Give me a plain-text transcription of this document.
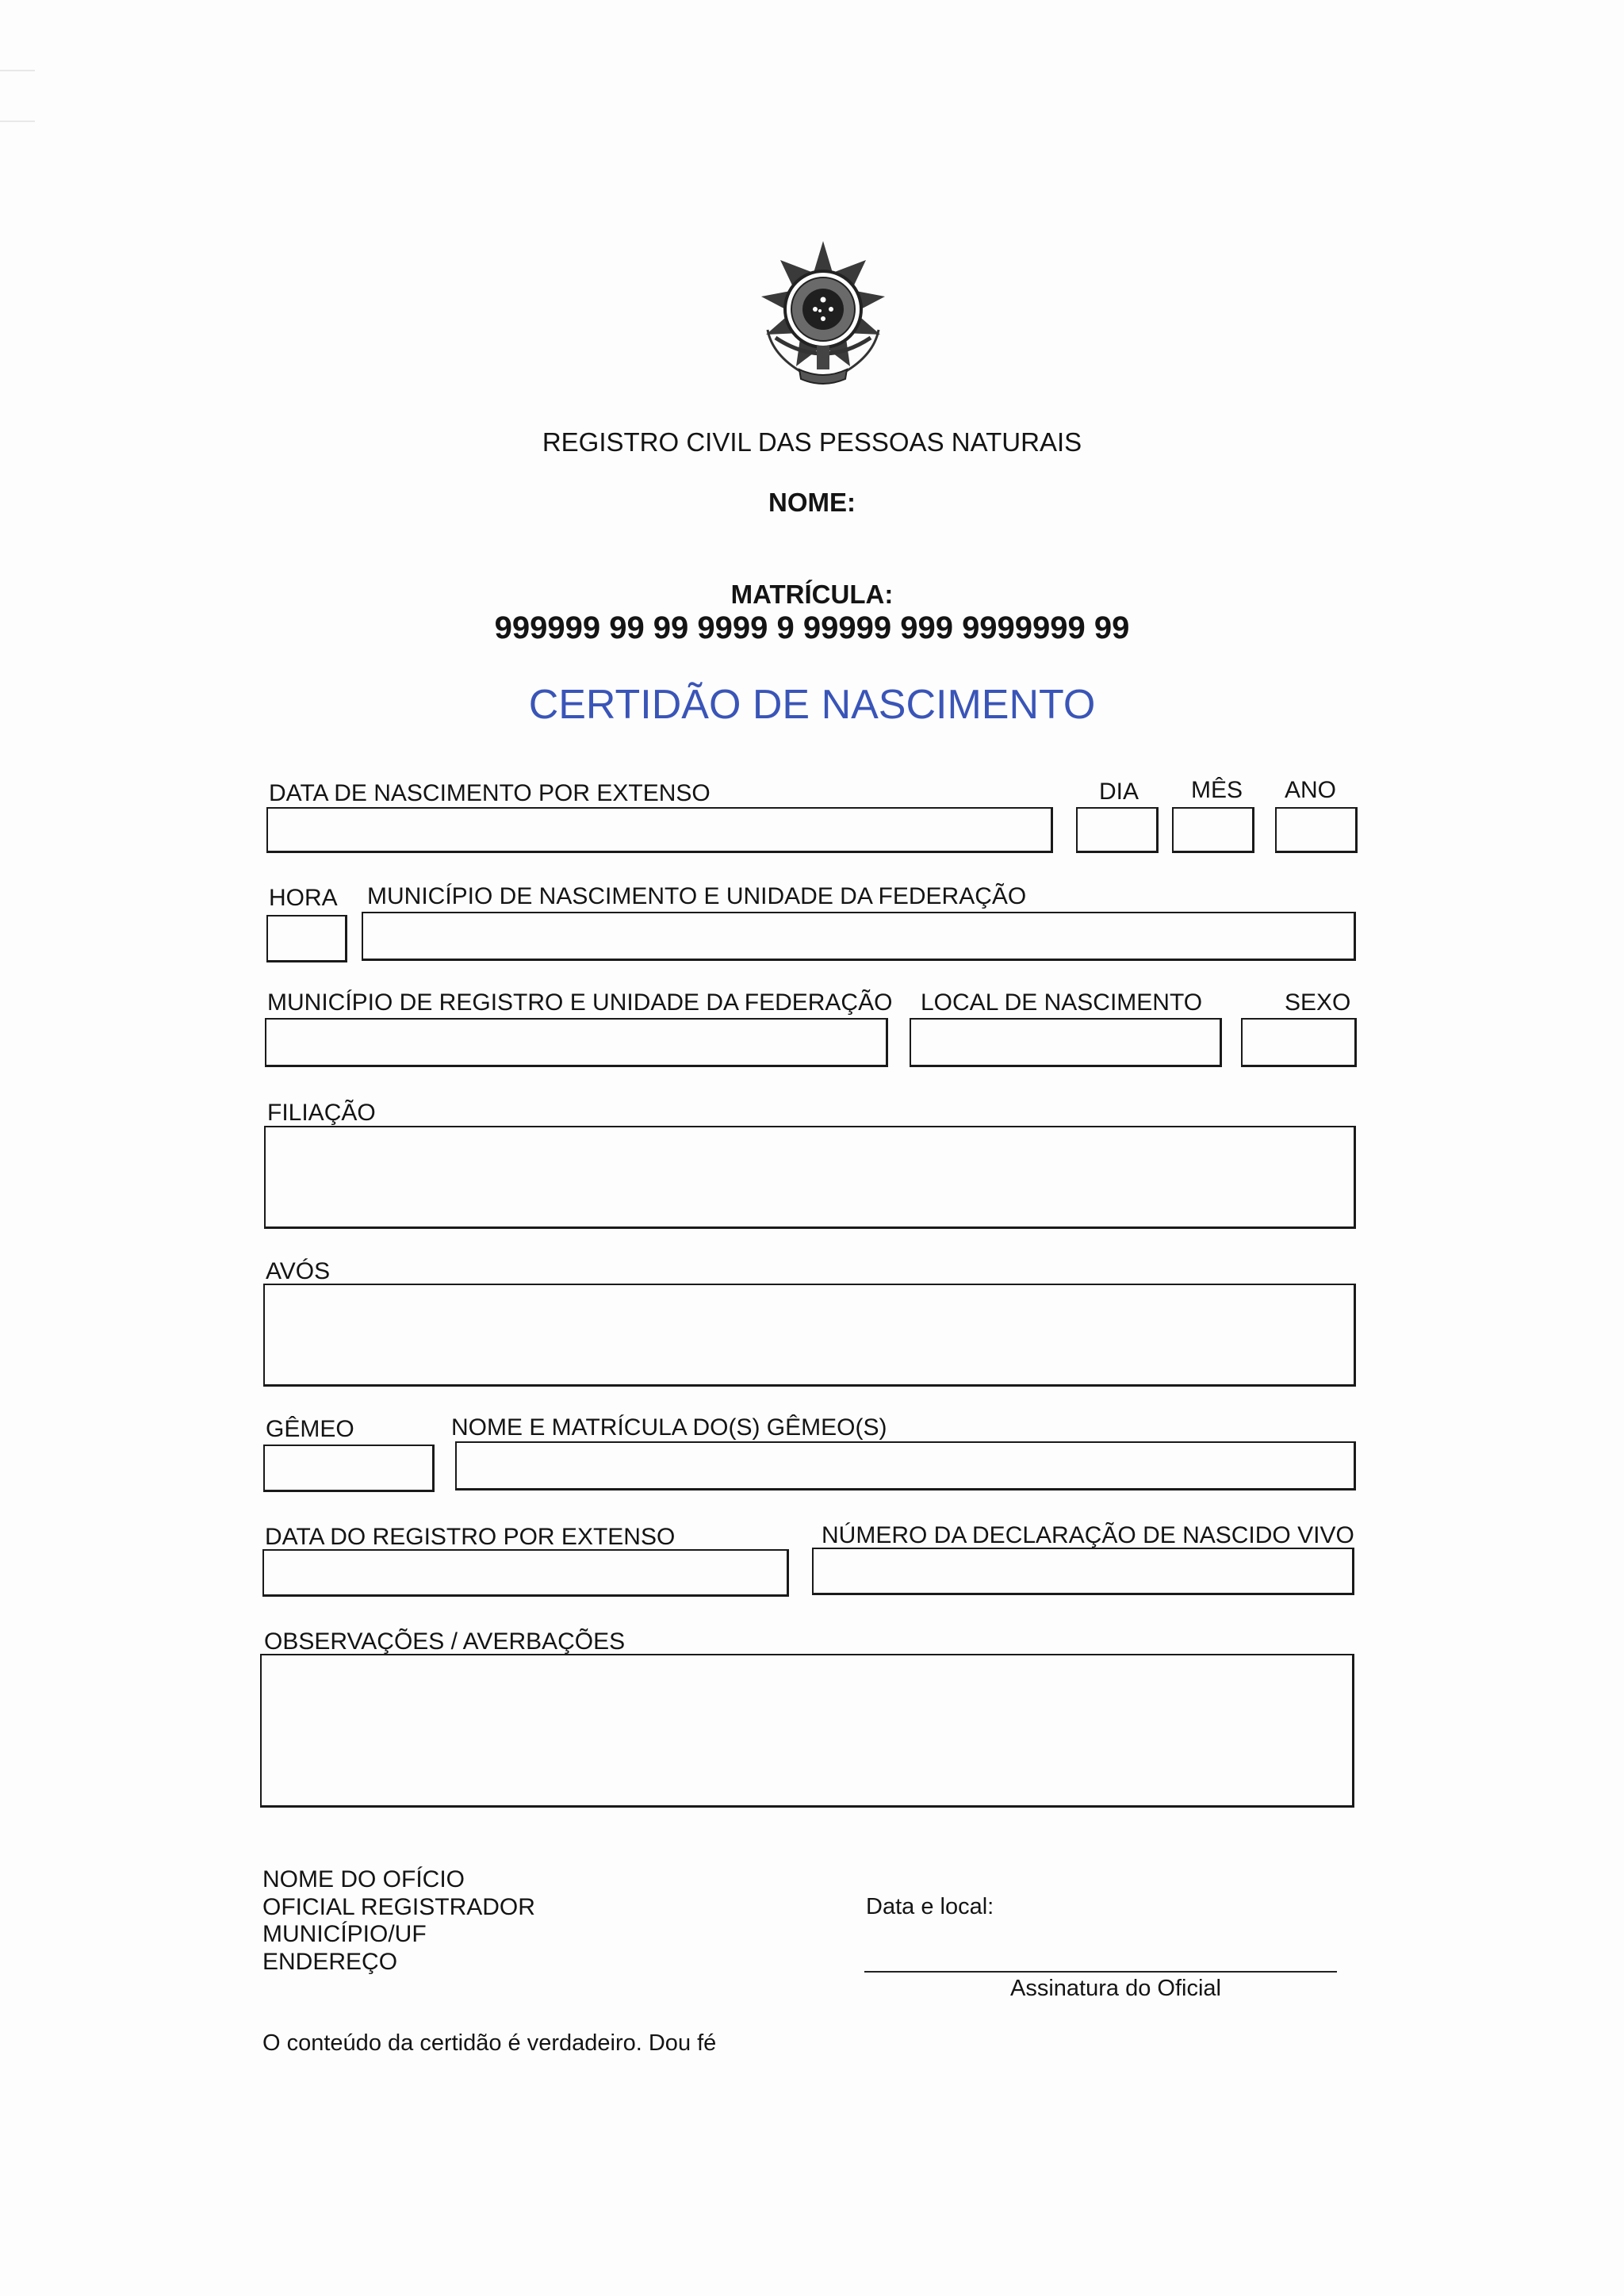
REGISTRO CIVIL DAS PESSOAS NATURAIS
NOME:
MATRÍCULA:
999999 99 99 9999 9 99999 999 9999999 99
CERTIDÃO DE NASCIMENTO
DATA DE NASCIMENTO POR EXTENSO	DIA MÊS ANO
HORA MUNICÍPIO DE NASCIMENTO E UNIDADE DA FEDERAÇÃO
MUNICÍPIO DE REGISTRO E UNIDADE DA FEDERAÇÃO LOCAL DE NASCIMENTO	SEXO
FILIAÇÃO
AVÓS
GÊMEO	NOME E MATRÍCULA DO(S) GÊMEO(S)
DATA DO REGISTRO POR EXTENSO	NÚMERO DA DECLARAÇÃO DE NASCIDO VIVO
OBSERVAÇÕES / AVERBAÇÕES
NOME DO OFÍCIO
OFICIAL REGISTRADOR
MUNICÍPIO/UF
ENDEREÇO
Data e local:
Assinatura do Oficial
O conteúdo da certidão é verdadeiro. Dou fé
